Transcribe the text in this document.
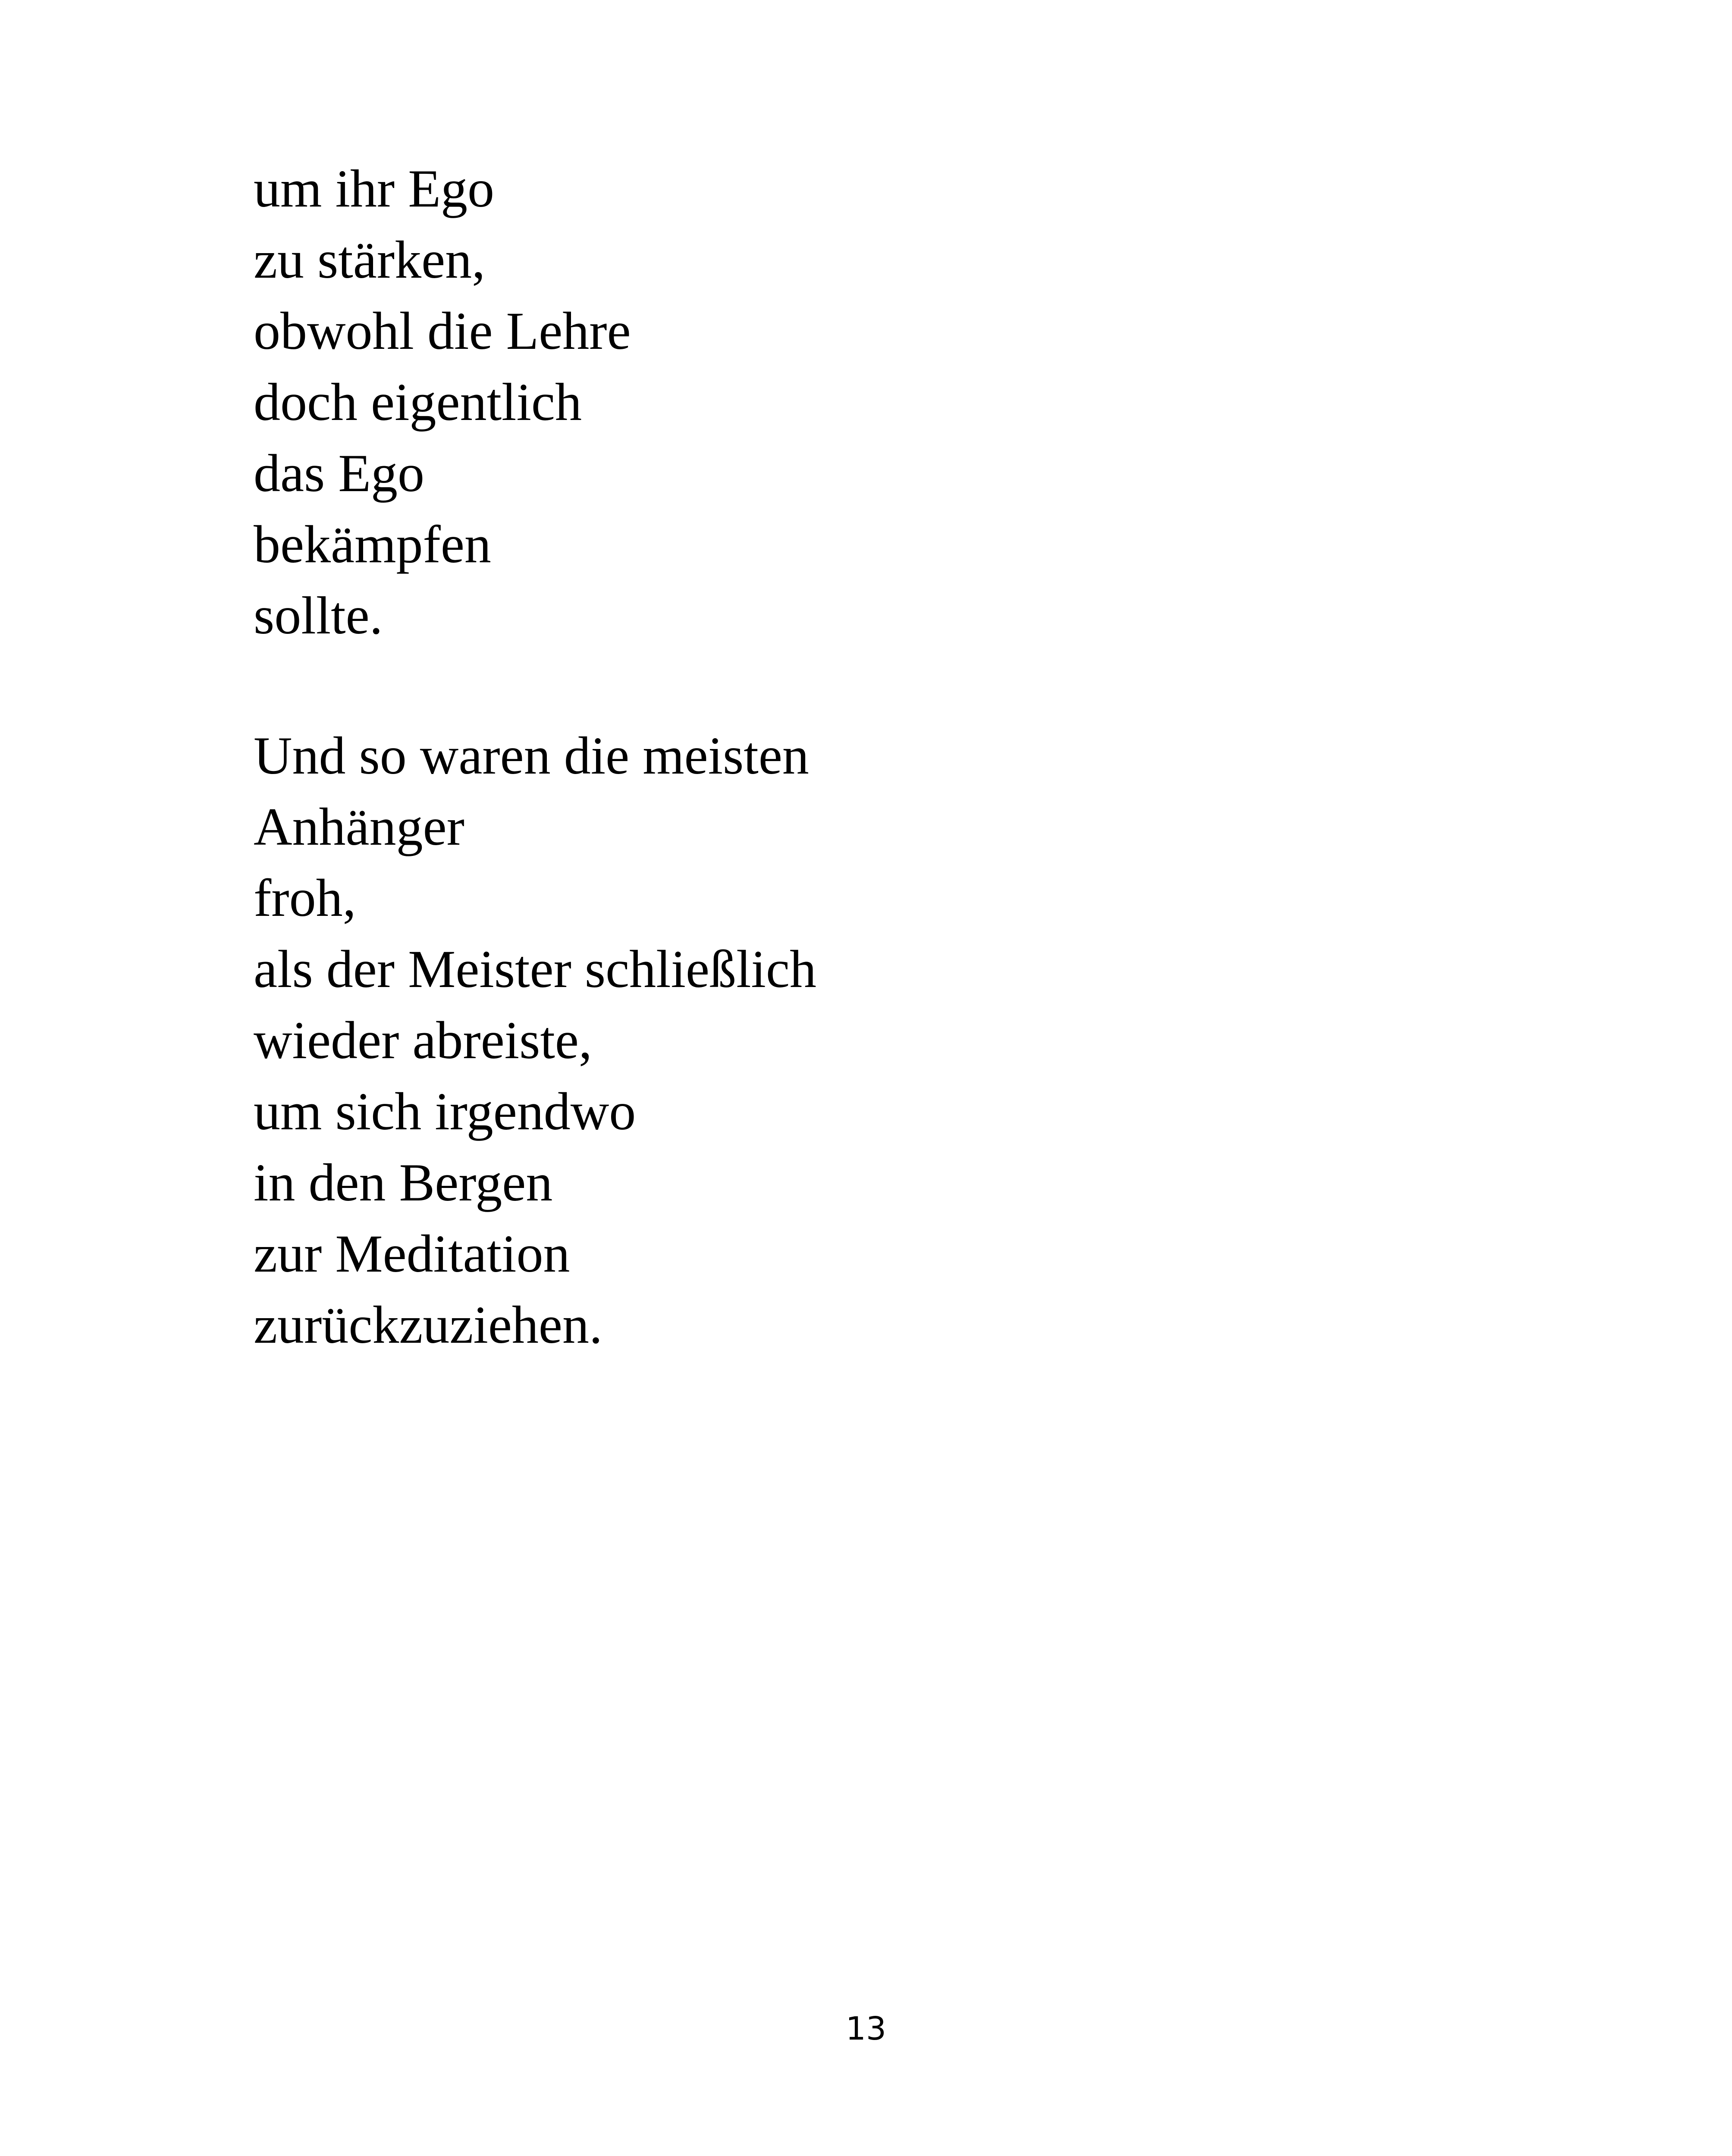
um ihr Ego
zu stärken,
obwohl die Lehre
doch eigentlich
das Ego
bekämpfen
sollte.
Und so waren die meisten
Anhänger
froh,
als der Meister schließlich
wieder abreiste,
um sich irgendwo
in den Bergen
zur Meditation
zurückzuziehen.
13
